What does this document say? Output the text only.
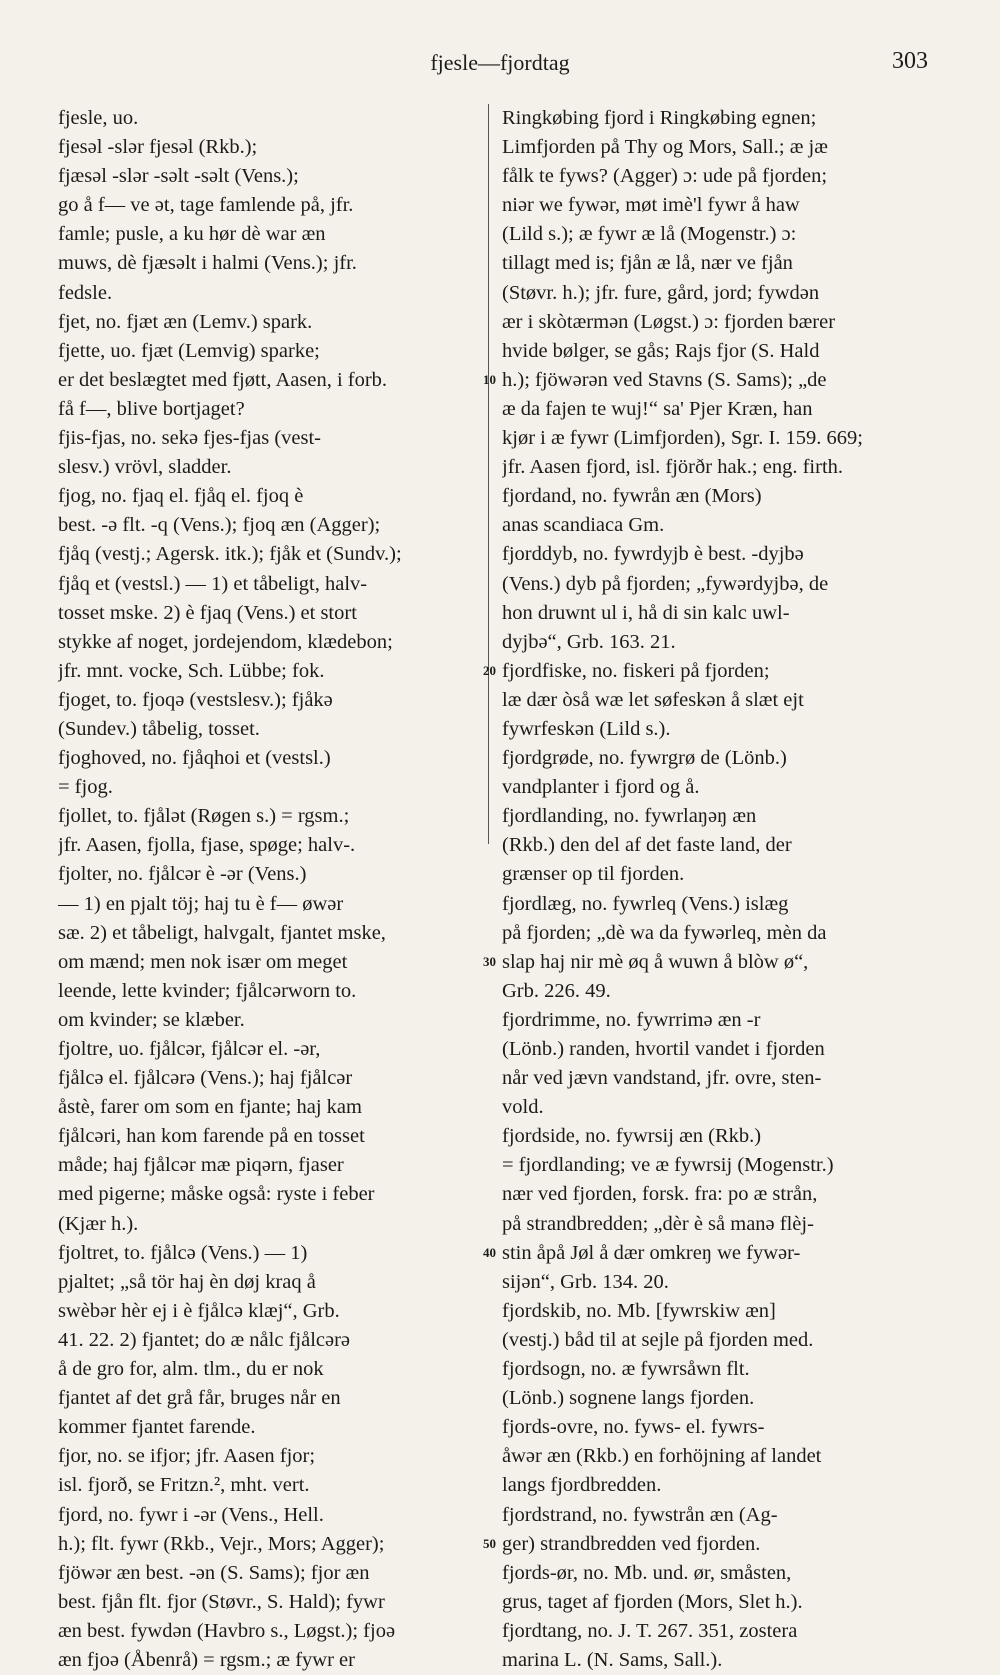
fjesle—fjordtag	303
fjesle, uo.
fjesəl -slər fjesəl (Rkb.);
fjæsəl -slər -səlt -səlt (Vens.);
go å f— ve ət, tage famlende på, jfr.
famle; pusle, a ku hør dè war æn
muws, dè fjæsəlt i halmi (Vens.); jfr.
fedsle.
fjet, no. fjæt æn (Lemv.) spark.
fjette, uo. fjæt (Lemvig) sparke;
er det beslægtet med fjøtt, Aasen, i forb.
få f—, blive bortjaget?
fjis-fjas, no. sekə fjes-fjas (vest-
slesv.) vrövl, sladder.
fjog, no. fjaq el. fjåq el. fjoq è
best. -ə flt. -q (Vens.); fjoq æn (Agger);
fjåq (vestj.; Agersk. itk.); fjåk et (Sundv.);
fjåq et (vestsl.) — 1) et tåbeligt, halv-
tosset mske. 2) è fjaq (Vens.) et stort
stykke af noget, jordejendom, klædebon;
jfr. mnt. vocke, Sch. Lübbe; fok.
fjoget, to. fjoqə (vestslesv.); fjåkə
(Sundev.) tåbelig, tosset.
fjoghoved, no. fjåqhoi et (vestsl.)
= fjog.
fjollet, to. fjålət (Røgen s.) = rgsm.;
jfr. Aasen, fjolla, fjase, spøge; halv-.
fjolter, no. fjålcər è -ər (Vens.)
— 1) en pjalt töj; haj tu è f— øwər
sæ. 2) et tåbeligt, halvgalt, fjantet mske,
om mænd; men nok især om meget
leende, lette kvinder; fjålcərworn to.
om kvinder; se klæber.
fjoltre, uo. fjålcər, fjålcər el. -ər,
fjålcə el. fjålcərə (Vens.); haj fjålcər
åstè, farer om som en fjante; haj kam
fjålcəri, han kom farende på en tosset
måde; haj fjålcər mæ piqərn, fjaser
med pigerne; måske også: ryste i feber
(Kjær h.).
fjoltret, to. fjålcə (Vens.) — 1)
pjaltet; „så tör haj èn døj kraq å
swèbər hèr ej i è fjålcə klæj“, Grb.
41. 22. 2) fjantet; do æ nålc fjålcərə
å de gro for, alm. tlm., du er nok
fjantet af det grå får, bruges når en
kommer fjantet farende.
fjor, no. se ifjor; jfr. Aasen fjor;
isl. fjorð, se Fritzn.², mht. vert.
fjord, no. fywr i -ər (Vens., Hell.
h.); flt. fywr (Rkb., Vejr., Mors; Agger);
fjöwər æn best. -ən (S. Sams); fjor æn
best. fjån flt. fjor (Støvr., S. Hald); fywr
æn best. fywdən (Havbro s., Løgst.); fjoə
æn fjoə (Åbenrå) = rgsm.; æ fywr er
Ringkøbing fjord i Ringkøbing egnen;
Limfjorden på Thy og Mors, Sall.; æ jæ
fålk te fyws? (Agger) ɔ: ude på fjorden;
niər we fywər, møt imè'l fywr å haw
(Lild s.); æ fywr æ lå (Mogenstr.) ɔ:
tillagt med is; fjån æ lå, nær ve fjån
(Støvr. h.); jfr. fure, gård, jord; fywdən
ær i skòtærmən (Løgst.) ɔ: fjorden bærer
hvide bølger, se gås; Rajs fjor (S. Hald
h.); fjöwərən ved Stavns (S. Sams); „de
æ da fajen te wuj!“ sa' Pjer Kræn, han
kjør i æ fywr (Limfjorden), Sgr. I. 159. 669;
jfr. Aasen fjord, isl. fjörðr hak.; eng. firth.
fjordand, no. fywrån æn (Mors)
anas scandiaca Gm.
fjorddyb, no. fywrdyjb è best. -dyjbə
(Vens.) dyb på fjorden; „fywərdyjbə, de
hon druwnt ul i, hå di sin kalc uwl-
dyjbə“, Grb. 163. 21.
fjordfiske, no. fiskeri på fjorden;
læ dær òså wæ let søfeskən å slæt ejt
fywrfeskən (Lild s.).
fjordgrøde, no. fywrgrø de (Lönb.)
vandplanter i fjord og å.
fjordlanding, no. fywrlaŋəŋ æn
(Rkb.) den del af det faste land, der
grænser op til fjorden.
fjordlæg, no. fywrleq (Vens.) islæg
på fjorden; „dè wa da fywərleq, mèn da
slap haj nir mè øq å wuwn å blòw ø“,
Grb. 226. 49.
fjordrimme, no. fywrrimə æn -r
(Lönb.) randen, hvortil vandet i fjorden
når ved jævn vandstand, jfr. ovre, sten-
vold.
fjordside, no. fywrsij æn (Rkb.)
= fjordlanding; ve æ fywrsij (Mogenstr.)
nær ved fjorden, forsk. fra: po æ strån,
på strandbredden; „dèr è så manə flèj-
stin åpå Jøl å dær omkreŋ we fywər-
sijən“, Grb. 134. 20.
fjordskib, no. Mb. [fywrskiw æn]
(vestj.) båd til at sejle på fjorden med.
fjordsogn, no. æ fywrsåwn flt.
(Lönb.) sognene langs fjorden.
fjords-ovre, no. fyws- el. fywrs-
åwər æn (Rkb.) en forhöjning af landet
langs fjordbredden.
fjordstrand, no. fywstrån æn (Ag-
ger) strandbredden ved fjorden.
fjords-ør, no. Mb. und. ør, småsten,
grus, taget af fjorden (Mors, Slet h.).
fjordtang, no. J. T. 267. 351, zostera
marina L. (N. Sams, Sall.).
10
20
30
40
50
